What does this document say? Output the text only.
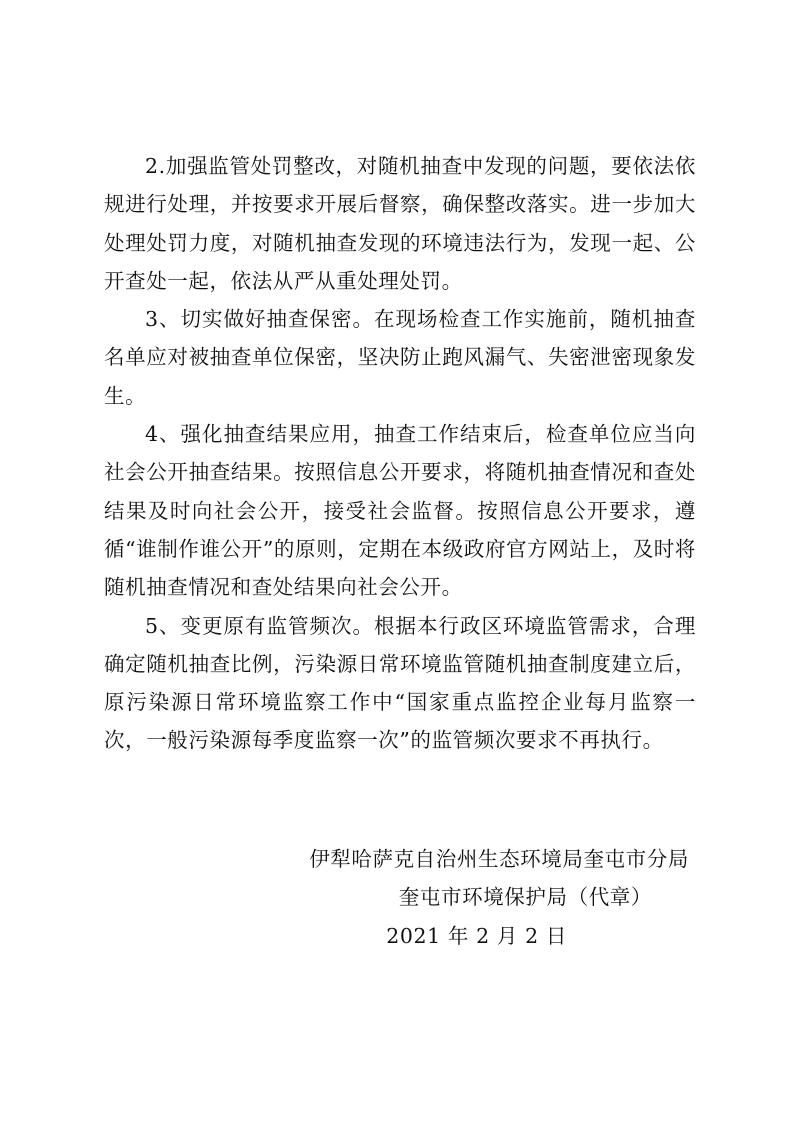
2.加强监管处罚整改，对随机抽查中发现的问题，要依法依规进行处理，并按要求开展后督察，确保整改落实。进一步加大处理处罚力度，对随机抽查发现的环境违法行为，发现一起、公开查处一起，依法从严从重处理处罚。

3、切实做好抽查保密。在现场检查工作实施前，随机抽查名单应对被抽查单位保密，坚决防止跑风漏气、失密泄密现象发生。

4、强化抽查结果应用，抽查工作结束后，检查单位应当向社会公开抽查结果。按照信息公开要求，将随机抽查情况和查处结果及时向社会公开，接受社会监督。按照信息公开要求，遵循“谁制作谁公开”的原则，定期在本级政府官方网站上，及时将随机抽查情况和查处结果向社会公开。

5、变更原有监管频次。根据本行政区环境监管需求，合理确定随机抽查比例，污染源日常环境监管随机抽查制度建立后，原污染源日常环境监察工作中“国家重点监控企业每月监察一次，一般污染源每季度监察一次”的监管频次要求不再执行。

伊犁哈萨克自治州生态环境局奎屯市分局
奎屯市环境保护局（代章）
2021 年 2 月 2 日
